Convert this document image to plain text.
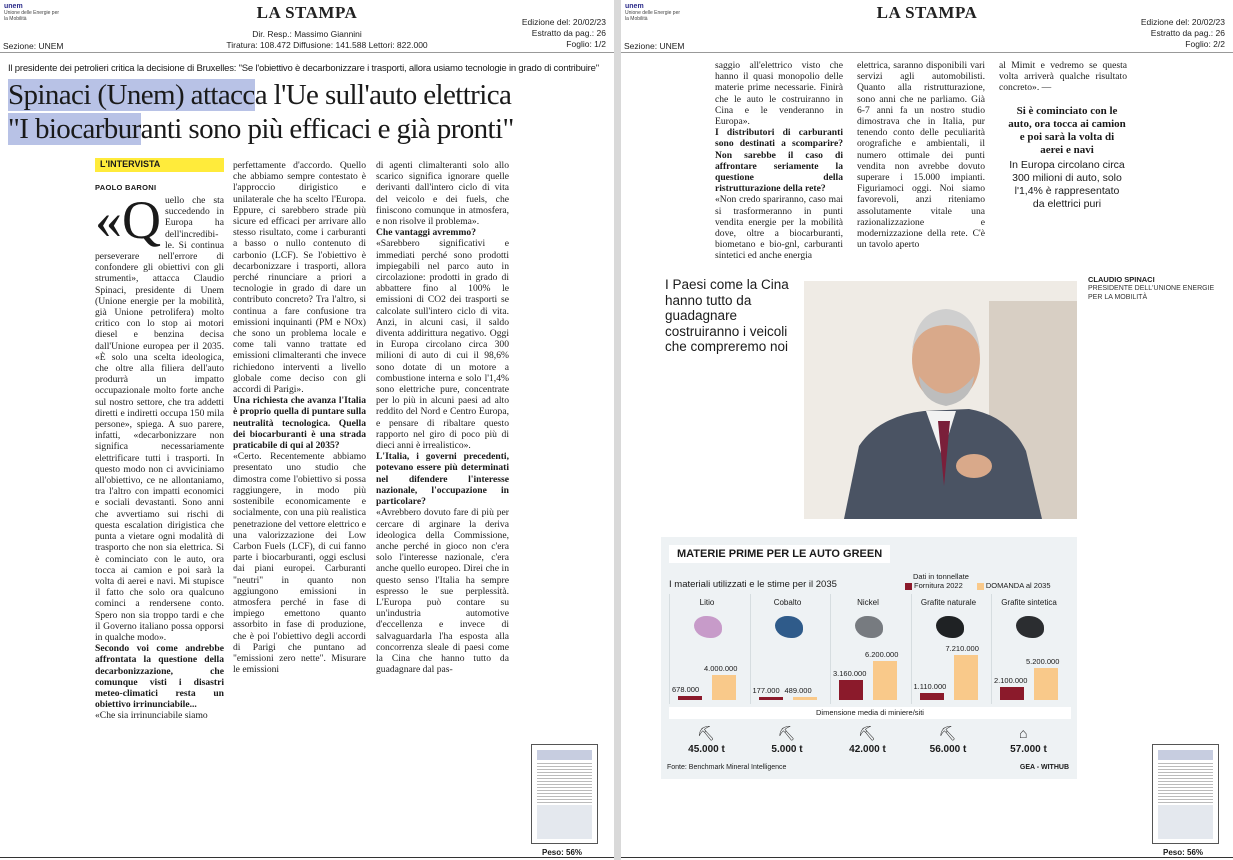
unem
Unione delle Energie per la Mobilità	LA STAMPA	Edizione del: 20/02/23
Estratto da pag.: 26
Foglio: 1/2
Dir. Resp.: Massimo Giannini
Tiratura: 108.472 Diffusione: 141.588 Lettori: 822.000
Sezione: UNEM
Il presidente dei petrolieri critica la decisione di Bruxelles: "Se l'obiettivo è decarbonizzare i trasporti, allora usiamo tecnologie in grado di contribuire"
Spinaci (Unem) attacca l'Ue sull'auto elettrica
"I biocarburanti sono più efficaci e già pronti"
L'INTERVISTA
PAOLO BARONI

«Quello che sta succedendo in Europa ha dell'incredibi-le. Si continua perseverare nell'errore di confondere gli obiettivi con gli strumenti», attacca Claudio Spinaci, presidente di Unem (Unione energie per la mobilità, già Unione petrolifera) molto critico con lo stop ai motori diesel e benzina decisa dall'Unione europea per il 2035. «È solo una scelta ideologica, che oltre alla filiera dell'auto produrrà un impatto occupazionale molto forte anche sul nostro settore, che tra addetti diretti e indiretti occupa 150 mila persone», spiega. A suo parere, infatti, «decarbonizzare non significa necessariamente elettrificare tutti i trasporti. In questo modo non ci avviciniamo all'obiettivo, ce ne allontaniamo, tra l'altro con impatti economici e sociali devastanti. Sono anni che avvertiamo sui rischi di questa escalation dirigistica che punta a vietare ogni modalità di trasporto che non sia elettrica. Si è cominciato con le auto, ora tocca ai camion e poi sarà la volta di aerei e navi. Mi stupisce il fatto che solo ora qualcuno cominci a rendersene conto. Spero non sia troppo tardi e che il Governo italiano possa opporsi in qualche modo».

Secondo voi come andrebbe affrontata la questione della decarbonizzazione, che comunque visti i disastri meteo-climatici resta un obiettivo irrinunciabile...

«Che sia irrinunciabile siamo

perfettamente d'accordo. Quello che abbiamo sempre contestato è l'approccio dirigistico e unilaterale che ha scelto l'Europa. Eppure, ci sarebbero strade più sicure ed efficaci per arrivare allo stesso risultato, come i carburanti a basso o nullo contenuto di carbonio (LCF). Se l'obiettivo è decarbonizzare i trasporti, allora perché rinunciare a priori a tecnologie in grado di dare un contributo concreto? Tra l'altro, si continua a fare confusione tra emissioni inquinanti (PM e NOx) che sono un problema locale e come tali vanno trattate ed emissioni climalteranti che invece richiedono interventi a livello globale come deciso con gli accordi di Parigi».

Una richiesta che avanza l'Italia è proprio quella di puntare sulla neutralità tecnologica. Quella dei biocarburanti è una strada praticabile di qui al 2035?

«Certo. Recentemente abbiamo presentato uno studio che dimostra come l'obiettivo si possa raggiungere, in modo più sostenibile economicamente e socialmente, con una più realistica penetrazione del vettore elettrico e una valorizzazione dei Low Carbon Fuels (LCF), di cui fanno parte i biocarburanti, oggi esclusi dai piani europei. Carburanti "neutri" in quanto non aggiungono emissioni in atmosfera perché in fase di impiego emettono quanto assorbito in fase di produzione, che è poi l'obiettivo degli accordi di Parigi che puntano ad "emissioni zero nette". Misurare le emissioni

di agenti climalteranti solo allo scarico significa ignorare quelle derivanti dall'intero ciclo di vita del veicolo e dei fuels, che finiscono comunque in atmosfera, e non risolve il problema».

Che vantaggi avremmo?

«Sarebbero significativi e immediati perché sono prodotti impiegabili nel parco auto in circolazione: prodotti in grado di abbattere fino al 100% le emissioni di CO2 dei trasporti se calcolate sull'intero ciclo di vita. Anzi, in alcuni casi, il saldo diventa addirittura negativo. Oggi in Europa circolano circa 300 milioni di auto di cui il 98,6% sono dotate di un motore a combustione interna e solo l'1,4% sono elettriche pure, concentrate per lo più in alcuni paesi ad alto reddito del Nord e Centro Europa, e pensare di ribaltare questo rapporto nel giro di poco più di dieci anni è irrealistico».

L'Italia, i governi precedenti, potevano essere più determinati nel difendere l'interesse nazionale, l'occupazione in particolare?

«Avrebbero dovuto fare di più per cercare di arginare la deriva ideologica della Commissione, anche perché in gioco non c'era solo l'interesse nazionale, c'era anche quello europeo. Direi che in questo senso l'Italia ha sempre espresso le sue perplessità. L'Europa può contare su un'industria automotive d'eccellenza e invece di salvaguardarla l'ha esposta alla concorrenza sleale di paesi come la Cina che hanno tutto da guadagnare dal pas-

Peso: 56%
unem
Unione delle Energie per la Mobilità	LA STAMPA	Edizione del: 20/02/23
Estratto da pag.: 26
Foglio: 2/2
Sezione: UNEM

saggio all'elettrico visto che hanno il quasi monopolio delle materie prime necessarie. Finirà che le auto le costruiranno in Cina e le venderanno in Europa».

I distributori di carburanti sono destinati a scomparire? Non sarebbe il caso di affrontare seriamente la questione della ristrutturazione della rete?

«Non credo spariranno, caso mai si trasformeranno in punti vendita energie per la mobilità dove, oltre a biocarburanti, biometano e bio-gnl, carburanti sintetici ed anche energia

elettrica, saranno disponibili vari servizi agli automobilisti. Quanto alla ristrutturazione, sono anni che ne parliamo. Già 6-7 anni fa un nostro studio dimostrava che in Italia, pur tenendo conto delle peculiarità orografiche e ambientali, il numero ottimale dei punti vendita non avrebbe dovuto superare i 15.000 impianti. Figuriamoci oggi. Noi siamo favorevoli, anzi riteniamo assolutamente vitale una razionalizzazione e modernizzazione della rete. C'è un tavolo aperto

al Mimit e vedremo se questa volta arriverà qualche risultato concreto». —

Si è cominciato con le auto, ora tocca ai camion e poi sarà la volta di aerei e navi
In Europa circolano circa 300 milioni di auto, solo l'1,4% è rappresentato da elettrici puri
I Paesi come la Cina hanno tutto da guadagnare costruiranno i veicoli che compreremo noi
CLAUDIO SPINACI
PRESIDENTE DELL'UNIONE ENERGIE PER LA MOBILITÀ
MATERIE PRIME PER LE AUTO GREEN
I materiali utilizzati e le stime per il 2035
Dati in tonnellate
Fornitura 2022	DOMANDA al 2035
Litio
678.000
4.000.000
Cobalto
177.000 489.000
Nickel
3.160.000
6.200.000
Grafite naturale
1.110.000
7.210.000
Grafite sintetica
2.100.000
5.200.000
Dimensione media di miniere/siti
⛏
45.000 t
⛏
5.000 t
⛏
42.000 t
⛏
56.000 t
⌂
57.000 t
Fonte: Benchmark Mineral Intelligence	GEA - WITHUB
Peso: 56%
